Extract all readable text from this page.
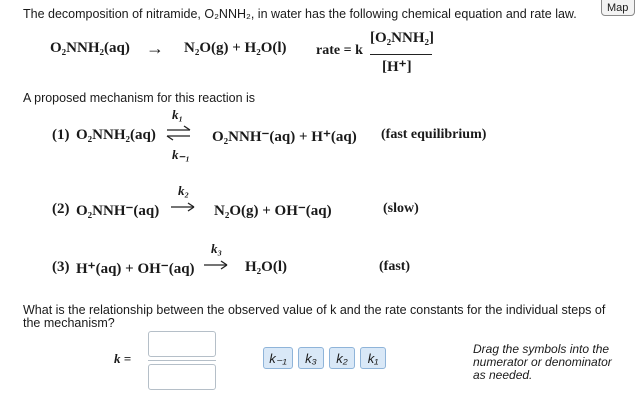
The decomposition of nitramide, O₂NNH₂, in water has the following chemical equation and rate law.	Map
O₂NNH₂(aq) → N₂O(g) + H₂O(l) rate = k
[O₂NNH₂]
[H⁺]
A proposed mechanism for this reaction is
(1) O₂NNH₂(aq)
k₁
k₋₁
O₂NNH⁻(aq) + H⁺(aq) (fast equilibrium)
(2) O₂NNH⁻(aq)
k₂
N₂O(g) + OH⁻(aq)	(slow)
(3) H⁺(aq) + OH⁻(aq)
k₃
H₂O(l)	(fast)
What is the relationship between the observed value of k and the rate constants for the individual steps of the mechanism?
k =	k₋₁	k₃	k₂	k₁
Drag the symbols into the numerator or denominator as needed.
